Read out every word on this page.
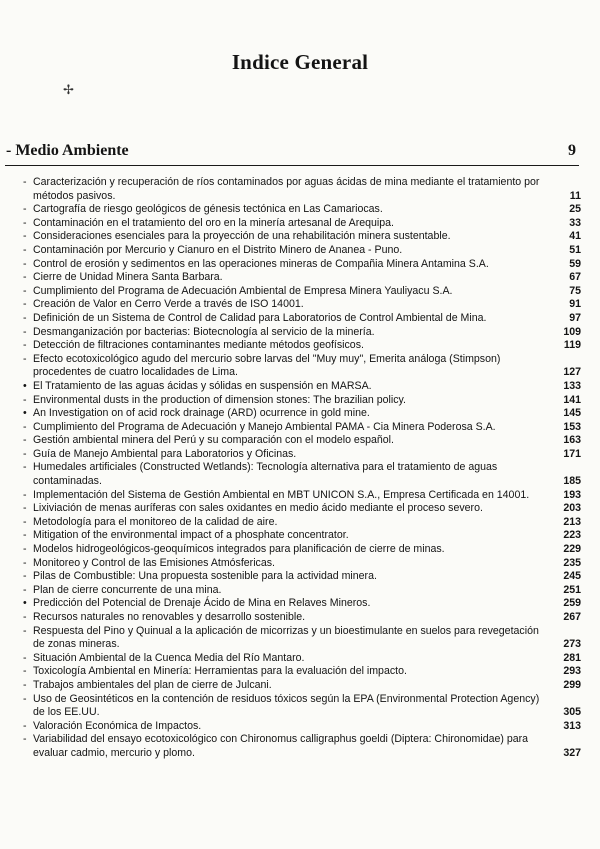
Indice General
✢
- Medio Ambiente	9
- Caracterización y recuperación de ríos contaminados por aguas ácidas de mina mediante el tratamiento por métodos pasivos.	11
- Cartografía de riesgo geológicos de génesis tectónica en Las Camariocas.	25
- Contaminación en el tratamiento del oro en la minería artesanal de Arequipa.	33
- Consideraciones esenciales para la proyección de una rehabilitación minera sustentable.	41
- Contaminación por Mercurio y Cianuro en el Distrito Minero de Ananea - Puno.	51
- Control de erosión y sedimentos en las operaciones mineras de Compañia Minera Antamina S.A.	59
- Cierre de Unidad Minera Santa Barbara.	67
- Cumplimiento del Programa de Adecuación Ambiental de Empresa Minera Yauliyacu S.A.	75
- Creación de Valor en Cerro Verde a través de ISO 14001.	91
- Definición de un Sistema de Control de Calidad para Laboratorios de Control Ambiental de Mina.	97
- Desmanganización por bacterias: Biotecnología al servicio de la minería.	109
- Detección de filtraciones contaminantes mediante métodos geofísicos.	119
- Efecto ecotoxicológico agudo del mercurio sobre larvas del "Muy muy", Emerita análoga (Stimpson) procedentes de cuatro localidades de Lima.	127
• El Tratamiento de las aguas ácidas y sólidas en suspensión en MARSA.	133
- Environmental dusts in the production of dimension stones: The brazilian policy.	141
• An Investigation on of acid rock drainage (ARD) ocurrence in gold mine.	145
- Cumplimiento del Programa de Adecuación y Manejo Ambiental PAMA - Cia Minera Poderosa S.A.	153
- Gestión ambiental minera del Perú y su comparación con el modelo español.	163
- Guía de Manejo Ambiental para Laboratorios y Oficinas.	171
- Humedales artificiales (Constructed Wetlands): Tecnología alternativa para el tratamiento de aguas contaminadas.	185
- Implementación del Sistema de Gestión Ambiental en MBT UNICON S.A., Empresa Certificada en 14001.	193
- Lixiviación de menas auríferas con sales oxidantes en medio ácido mediante el proceso severo.	203
- Metodología para el monitoreo de la calidad de aire.	213
- Mitigation of the environmental impact of a phosphate concentrator.	223
- Modelos hidrogeológicos-geoquímicos integrados para planificación de cierre de minas.	229
- Monitoreo y Control de las Emisiones Atmósfericas.	235
- Pilas de Combustible: Una propuesta sostenible para la actividad minera.	245
- Plan de cierre concurrente de una mina.	251
• Predicción del Potencial de Drenaje Ácido de Mina en Relaves Mineros.	259
- Recursos naturales no renovables y desarrollo sostenible.	267
- Respuesta del Pino y Quinual a la aplicación de micorrizas y un bioestimulante en suelos para revegetación de zonas mineras.	273
- Situación Ambiental de la Cuenca Media del Río Mantaro.	281
- Toxicología Ambiental en Minería: Herramientas para la evaluación del impacto.	293
- Trabajos ambientales del plan de cierre de Julcani.	299
- Uso de Geosintéticos en la contención de residuos tóxicos según la EPA (Environmental Protection Agency) de los EE.UU.	305
- Valoración Económica de Impactos.	313
- Variabilidad del ensayo ecotoxicológico con Chironomus calligraphus goeldi (Diptera: Chironomidae) para evaluar cadmio, mercurio y plomo.	327
